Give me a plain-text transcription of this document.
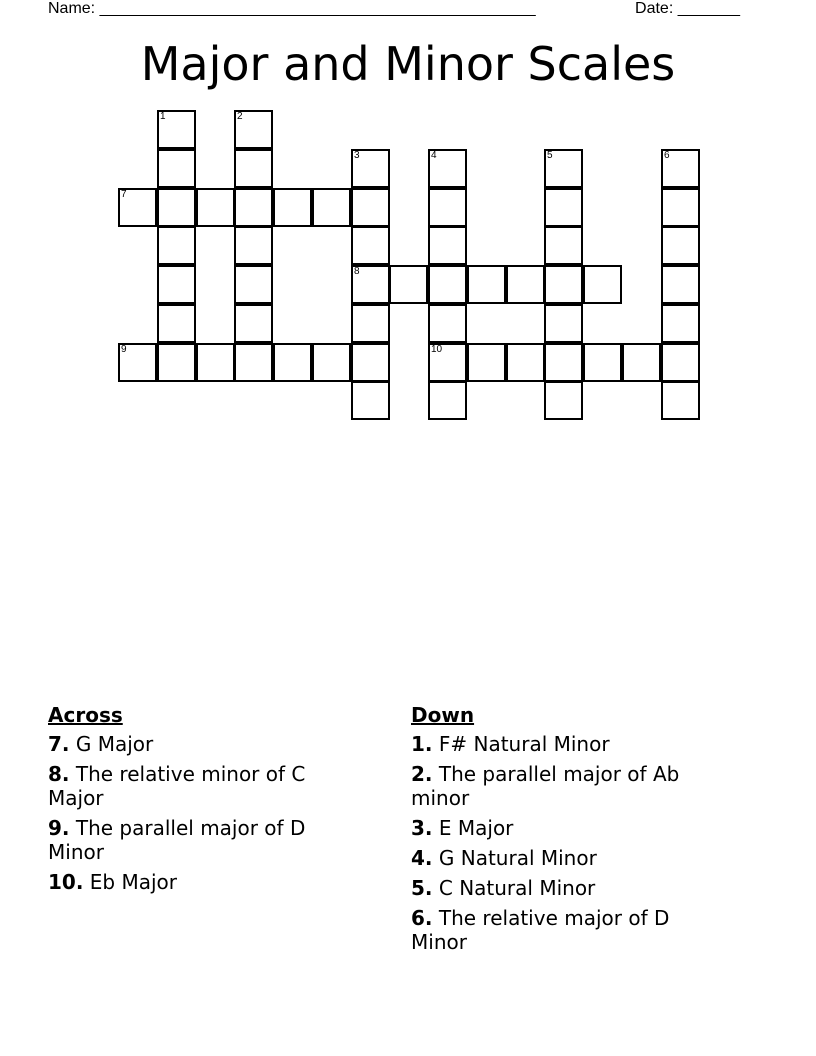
Name: _________________________________________________	Date: _______
Major and Minor Scales
1	2
3
8
4
10
5	6
7
9
Across
7. G Major
8. The relative minor of C Major
9. The parallel major of D Minor
10. Eb Major
Down
1. F# Natural Minor
2. The parallel major of Ab minor
3. E Major
4. G Natural Minor
5. C Natural Minor
6. The relative major of D Minor
